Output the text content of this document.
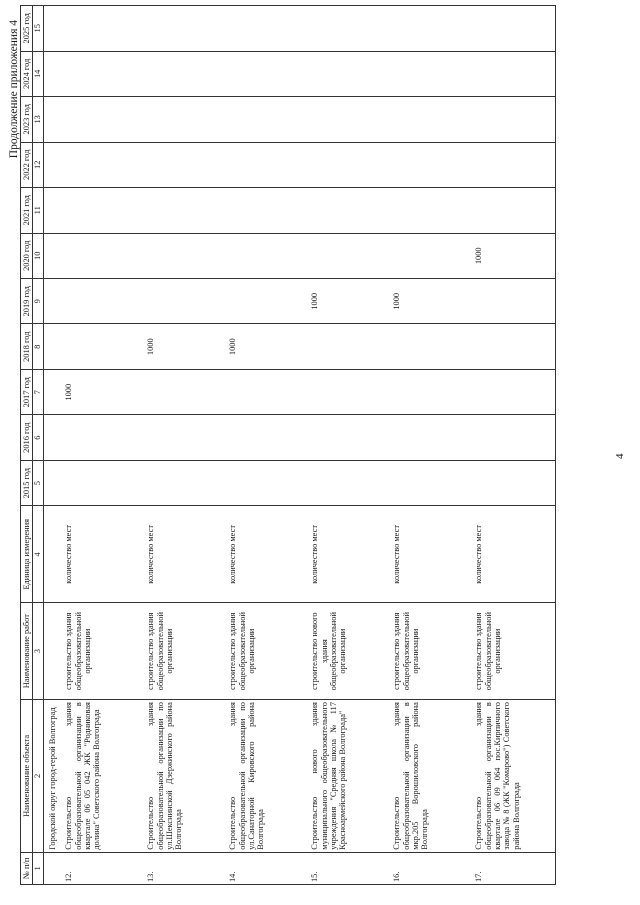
Продолжение приложения 4
4
№ п/п	Наименование объекта	Наименование работ	Единица измерения	2015 год	2016 год	2017 год	2018 год	2019 год	2020 год	2021 год	2022 год	2023 год	2024 год	2025 год
1	2	3	4	5	6	7	8	9	10	11	12	13	14	15
	Городской округ город-герой Волгоград													
12.	Строительство здания общеобразовательной организации в квартале 06 05 042 ЖК "Родниковая долина" Советского района Волгограда	строительство здания общеобразовательной организации	количество мест			1000								
13.	Строительство здания общеобразовательной организации по ул.Шекснинской Дзержинского района Волгограда	строительство здания общеобразовательной организации	количество мест				1000							
14.	Строительство здания общеобразовательной организации по ул.Санаторной Кировского района Волгограда	строительство здания общеобразовательной организации	количество мест				1000							
15.	Строительство нового здания муниципального общеобразовательного учреждения "Средняя школа № 117 Красноармейского района Волгограда"	строительство нового здания общеобразовательной организации	количество мест					1000						
16.	Строительство здания общеобразовательной организации в мкр.205 Ворошиловского района Волгограда	строительство здания общеобразовательной организации	количество мест					1000						
17.	Строительство здания общеобразовательной организации в квартале 06 09 064 пос.Кирпичного завода № 8 (ЖК "Комарово") Советского района Волгограда	строительство здания общеобразовательной организации	количество мест						1000					
